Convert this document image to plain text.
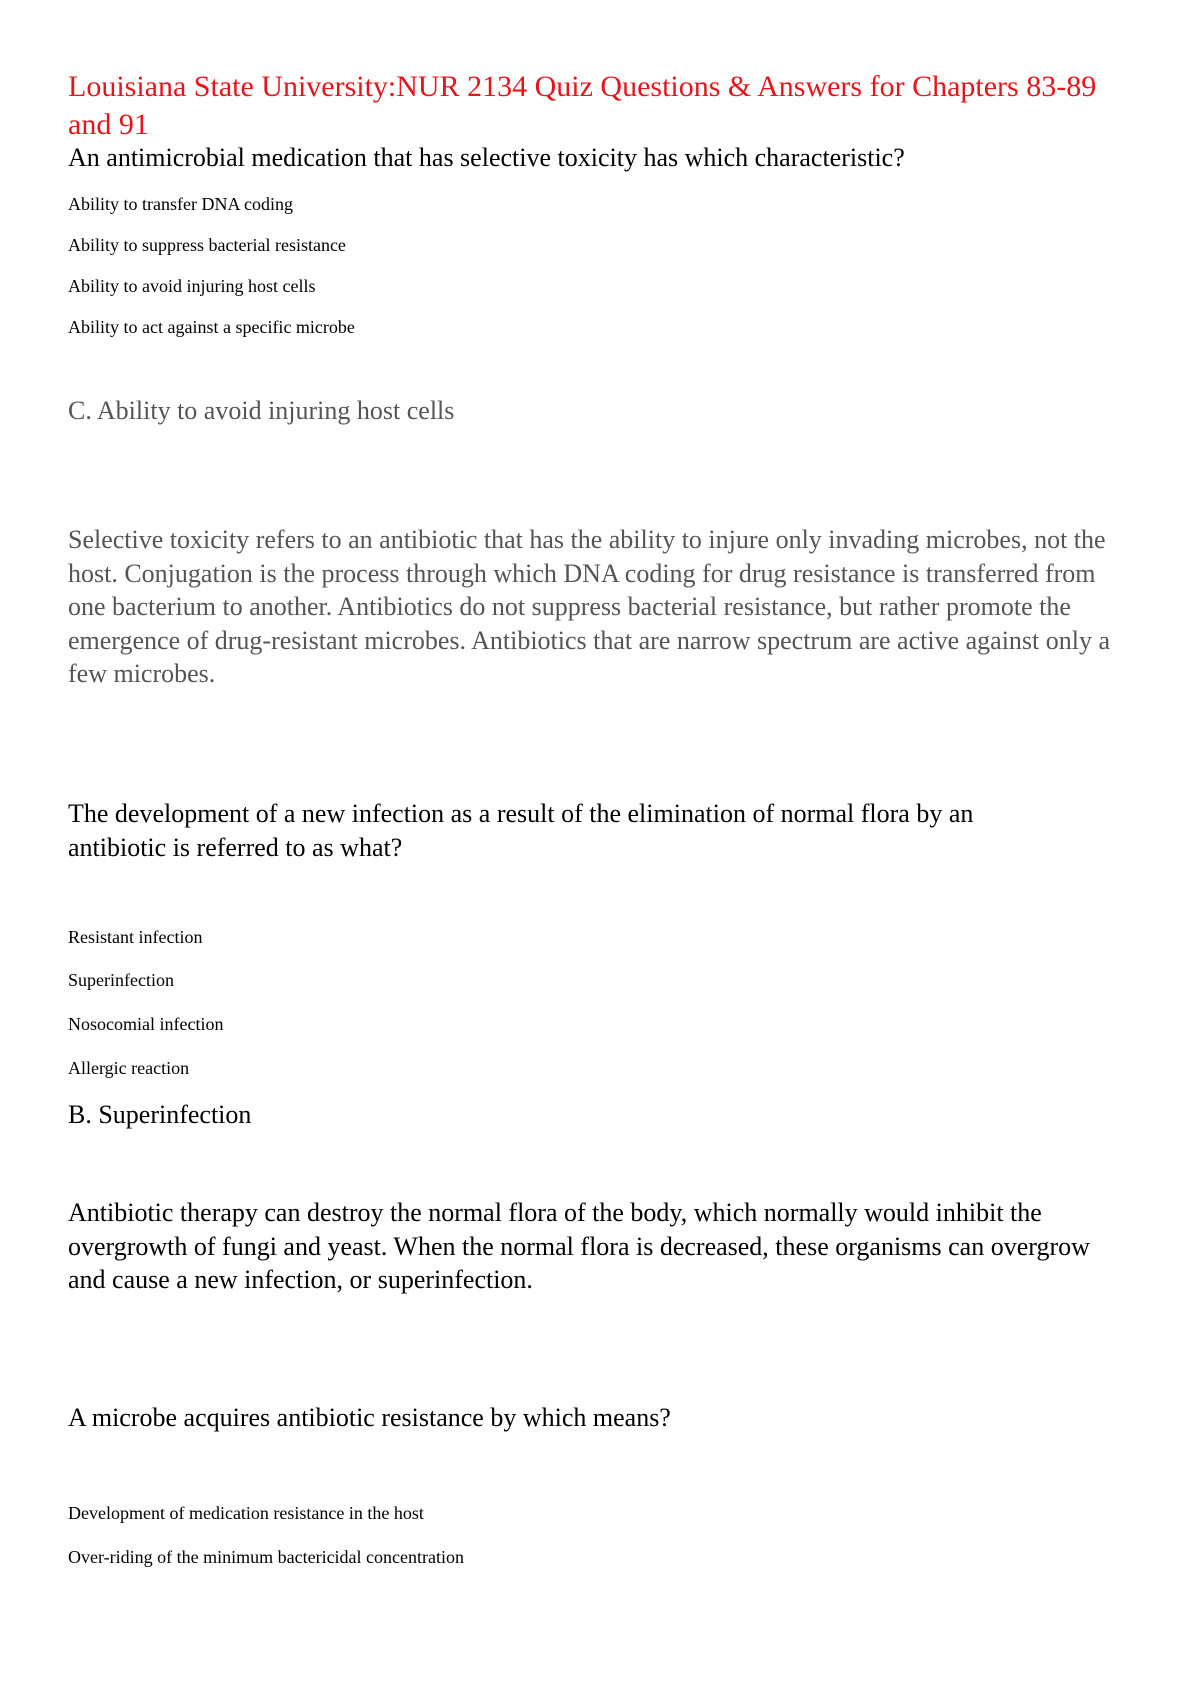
Louisiana State University:NUR 2134 Quiz Questions & Answers for Chapters 83-89 and 91

An antimicrobial medication that has selective toxicity has which characteristic?

Ability to transfer DNA coding

Ability to suppress bacterial resistance

Ability to avoid injuring host cells

Ability to act against a specific microbe

C. Ability to avoid injuring host cells

Selective toxicity refers to an antibiotic that has the ability to injure only invading microbes, not the host. Conjugation is the process through which DNA coding for drug resistance is transferred from one bacterium to another. Antibiotics do not suppress bacterial resistance, but rather promote the emergence of drug-resistant microbes. Antibiotics that are narrow spectrum are active against only a few microbes.

The development of a new infection as a result of the elimination of normal flora by an antibiotic is referred to as what?

Resistant infection

Superinfection

Nosocomial infection

Allergic reaction

B. Superinfection

Antibiotic therapy can destroy the normal flora of the body, which normally would inhibit the overgrowth of fungi and yeast. When the normal flora is decreased, these organisms can overgrow and cause a new infection, or superinfection.

A microbe acquires antibiotic resistance by which means?

Development of medication resistance in the host

Over-riding of the minimum bactericidal concentration
